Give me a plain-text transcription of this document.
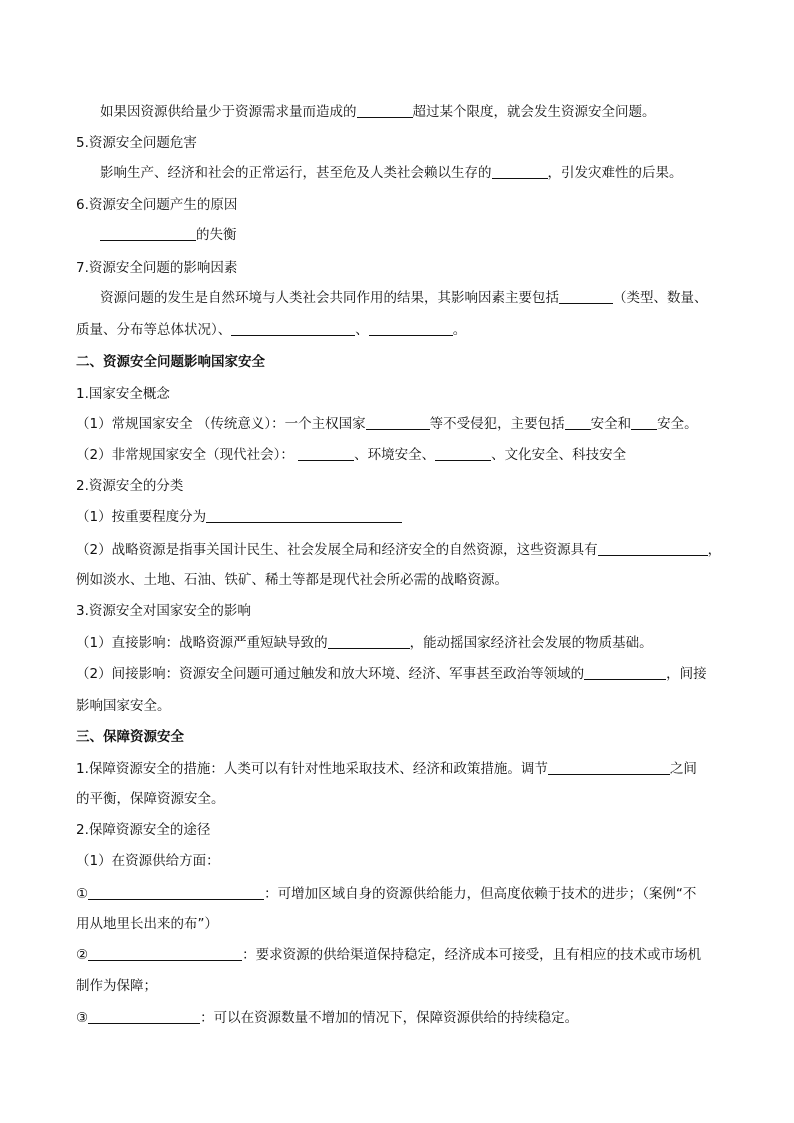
如果因资源供给量少于资源需求量而造成的	超过某个限度，就会发生资源安全问题。
5.资源安全问题危害
影响生产、经济和社会的正常运行，甚至危及人类社会赖以生存的	，引发灾难性的后果。
6.资源安全问题产生的原因
的失衡
7.资源安全问题的影响因素
资源问题的发生是自然环境与人类社会共同作用的结果，其影响因素主要包括	（类型、数量、
质量、分布等总体状况）、	、	。
二、资源安全问题影响国家安全
1.国家安全概念
（1）常规国家安全 （传统意义）：一个主权国家	等不受侵犯，主要包括 安全和 安全。
（2）非常规国家安全（现代社会）：	、环境安全、	、文化安全、科技安全
2.资源安全的分类
（1）按重要程度分为
（2）战略资源是指事关国计民生、社会发展全局和经济安全的自然资源，这些资源具有	，
例如淡水、土地、石油、铁矿、稀土等都是现代社会所必需的战略资源。
3.资源安全对国家安全的影响
（1）直接影响：战略资源严重短缺导致的	，能动摇国家经济社会发展的物质基础。
（2）间接影响：资源安全问题可通过触发和放大环境、经济、军事甚至政治等领域的	，间接
影响国家安全。
三、保障资源安全
1.保障资源安全的措施：人类可以有针对性地采取技术、经济和政策措施。调节	之间
的平衡，保障资源安全。
2.保障资源安全的途径
（1）在资源供给方面：
①	：可增加区域自身的资源供给能力，但高度依赖于技术的进步；（案例“不
用从地里长出来的布”）
②	：要求资源的供给渠道保持稳定，经济成本可接受，且有相应的技术或市场机
制作为保障；
③	：可以在资源数量不增加的情况下，保障资源供给的持续稳定。
